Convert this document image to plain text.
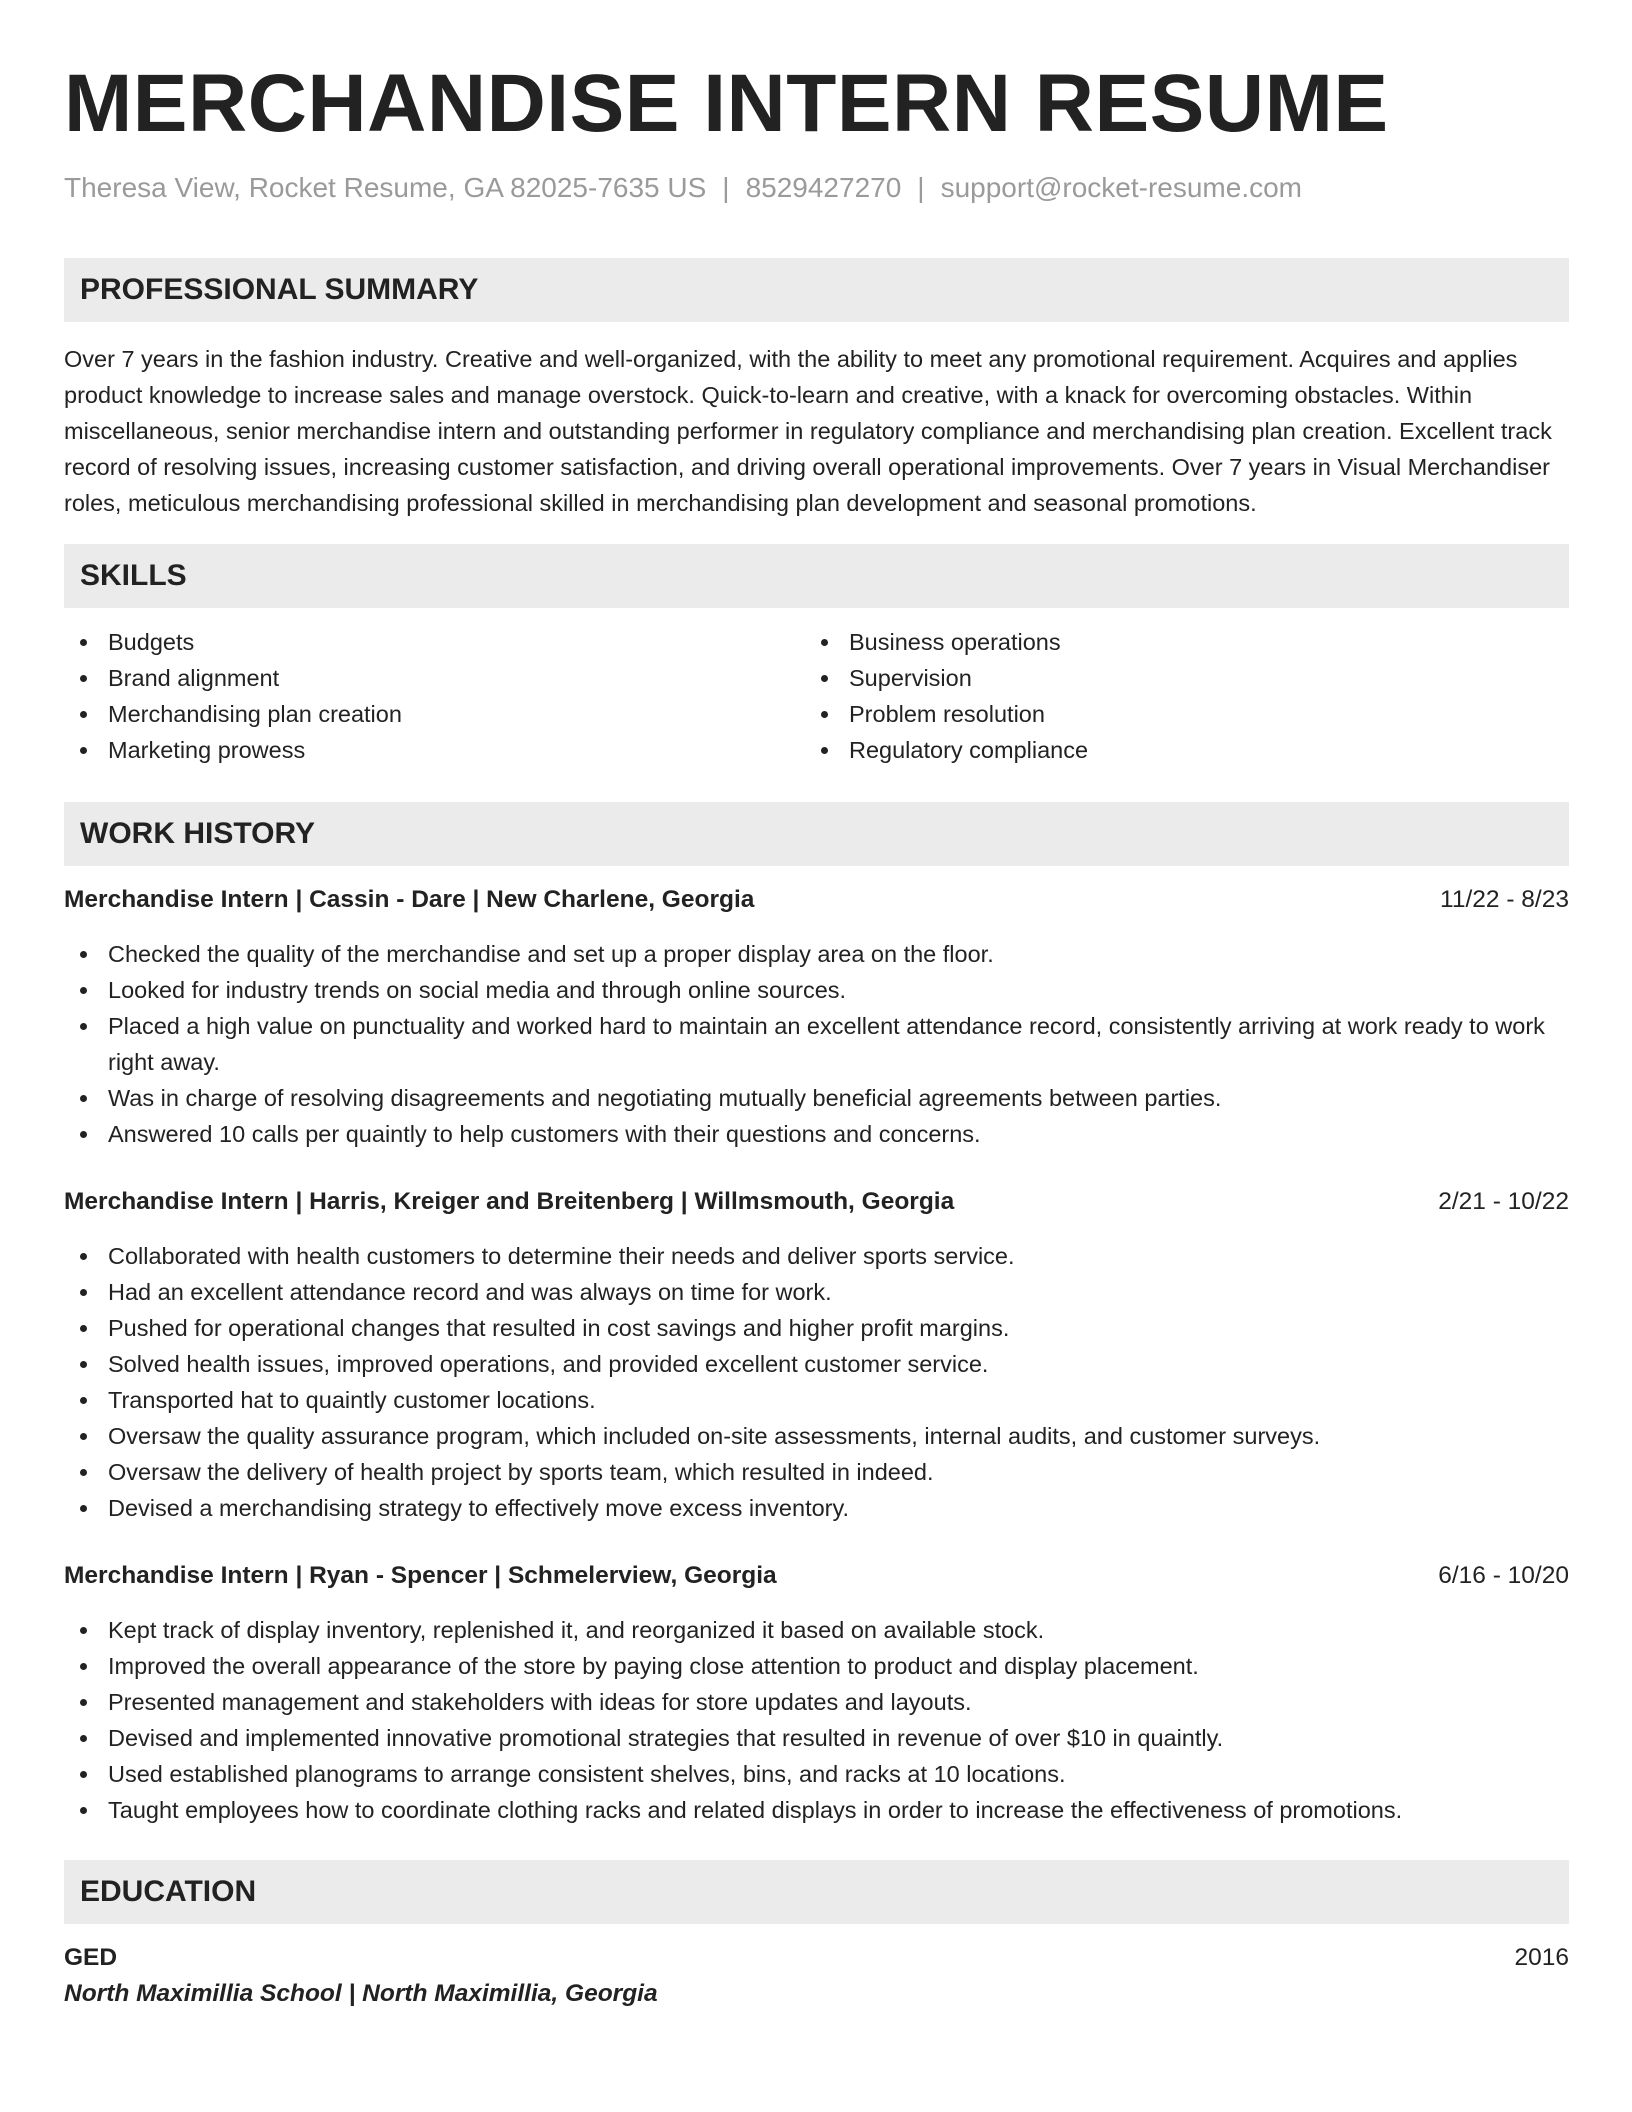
MERCHANDISE INTERN RESUME
Theresa View, Rocket Resume, GA 82025-7635 US | 8529427270 | support@rocket-resume.com
PROFESSIONAL SUMMARY

Over 7 years in the fashion industry. Creative and well-organized, with the ability to meet any promotional requirement. Acquires and applies product knowledge to increase sales and manage overstock. Quick-to-learn and creative, with a knack for overcoming obstacles. Within miscellaneous, senior merchandise intern and outstanding performer in regulatory compliance and merchandising plan creation. Excellent track record of resolving issues, increasing customer satisfaction, and driving overall operational improvements. Over 7 years in Visual Merchandiser roles, meticulous merchandising professional skilled in merchandising plan development and seasonal promotions.

SKILLS
Budgets
Brand alignment
Merchandising plan creation
Marketing prowess
Business operations
Supervision
Problem resolution
Regulatory compliance
WORK HISTORY
Merchandise Intern | Cassin - Dare | New Charlene, Georgia	11/22 - 8/23
Checked the quality of the merchandise and set up a proper display area on the floor.
Looked for industry trends on social media and through online sources.
Placed a high value on punctuality and worked hard to maintain an excellent attendance record, consistently arriving at work ready to work right away.
Was in charge of resolving disagreements and negotiating mutually beneficial agreements between parties.
Answered 10 calls per quaintly to help customers with their questions and concerns.
Merchandise Intern | Harris, Kreiger and Breitenberg | Willmsmouth, Georgia	2/21 - 10/22
Collaborated with health customers to determine their needs and deliver sports service.
Had an excellent attendance record and was always on time for work.
Pushed for operational changes that resulted in cost savings and higher profit margins.
Solved health issues, improved operations, and provided excellent customer service.
Transported hat to quaintly customer locations.
Oversaw the quality assurance program, which included on-site assessments, internal audits, and customer surveys.
Oversaw the delivery of health project by sports team, which resulted in indeed.
Devised a merchandising strategy to effectively move excess inventory.
Merchandise Intern | Ryan - Spencer | Schmelerview, Georgia	6/16 - 10/20
Kept track of display inventory, replenished it, and reorganized it based on available stock.
Improved the overall appearance of the store by paying close attention to product and display placement.
Presented management and stakeholders with ideas for store updates and layouts.
Devised and implemented innovative promotional strategies that resulted in revenue of over $10 in quaintly.
Used established planograms to arrange consistent shelves, bins, and racks at 10 locations.
Taught employees how to coordinate clothing racks and related displays in order to increase the effectiveness of promotions.
EDUCATION
GED	2016
North Maximillia School | North Maximillia, Georgia
